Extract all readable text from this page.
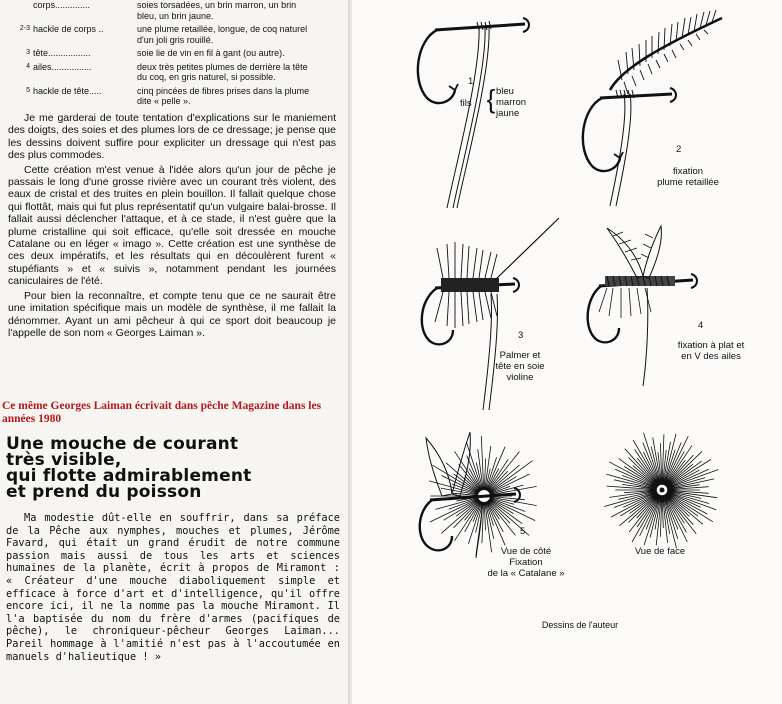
corps..............	soies torsadées, un brin marron, un brin bleu, un brin jaune.
2-3 hackle de corps ..	une plume retaillée, longue, de coq naturel d'un joli gris rouillé.
3 tête.................	soie lie de vin en fil à gant (ou autre).
4 ailes................	deux très petites plumes de derrière la tête du coq, en gris naturel, si possible.
5 hackle de tête.....	cinq pincées de fibres prises dans la plume dite « pelle ».

Je me garderai de toute tentation d'explications sur le maniement des doigts, des soies et des plumes lors de ce dressage; je pense que les dessins doivent suffire pour expliciter un dressage qui n'est pas des plus commodes.

Cette création m'est venue à l'idée alors qu'un jour de pêche je passais le long d'une grosse rivière avec un courant très violent, des eaux de cristal et des truites en plein bouillon. Il fallait quelque chose qui flottât, mais qui fut plus représentatif qu'un vulgaire balai-brosse. Il fallait aussi déclencher l'attaque, et à ce stade, il n'est guère que la plume cristalline qui soit efficace, qu'elle soit dressée en mouche Catalane ou en léger « imago ». Cette création est une synthèse de ces deux impératifs, et les résultats qui en découlèrent furent « stupéfiants » et « suivis », notamment pendant les journées caniculaires de l'été.

Pour bien la reconnaître, et compte tenu que ce ne saurait être une imitation spécifique mais un modèle de synthèse, il me fallait la dénommer. Ayant un ami pêcheur à qui ce sport doit beaucoup je l'appelle de son nom « Georges Laiman ».

Ce même Georges Laiman écrivait dans pêche Magazine dans les années 1980
Une mouche de courant
très visible,
qui flotte admirablement
et prend du poisson

Ma modestie dût-elle en souffrir, dans sa préface de la Pêche aux nymphes, mouches et plumes, Jérôme Favard, qui était un grand érudit de notre commune passion mais aussi de tous les arts et sciences humaines de la planète, écrit à propos de Miramont : « Créateur d'une mouche diaboliquement simple et efficace à force d'art et d'intelligence, qu'il offre encore ici, il ne la nomme pas la mouche Miramont. Il l'a baptisée du nom du frère d'armes (pacifiques de pêche), le chroniqueur-pêcheur Georges Laiman... Pareil hommage à l'amitié n'est pas à l'accoutumée en manuels d'halieutique ! »

1
fils { bleu
marron
jaune
2
fixation
plume retaillée
3
Palmer et
tête en soie
violine
4
fixation à plat et
en V des ailes
5
Vue de côté
Fixation
de la « Catalane »
Vue de face
Dessins de l'auteur
